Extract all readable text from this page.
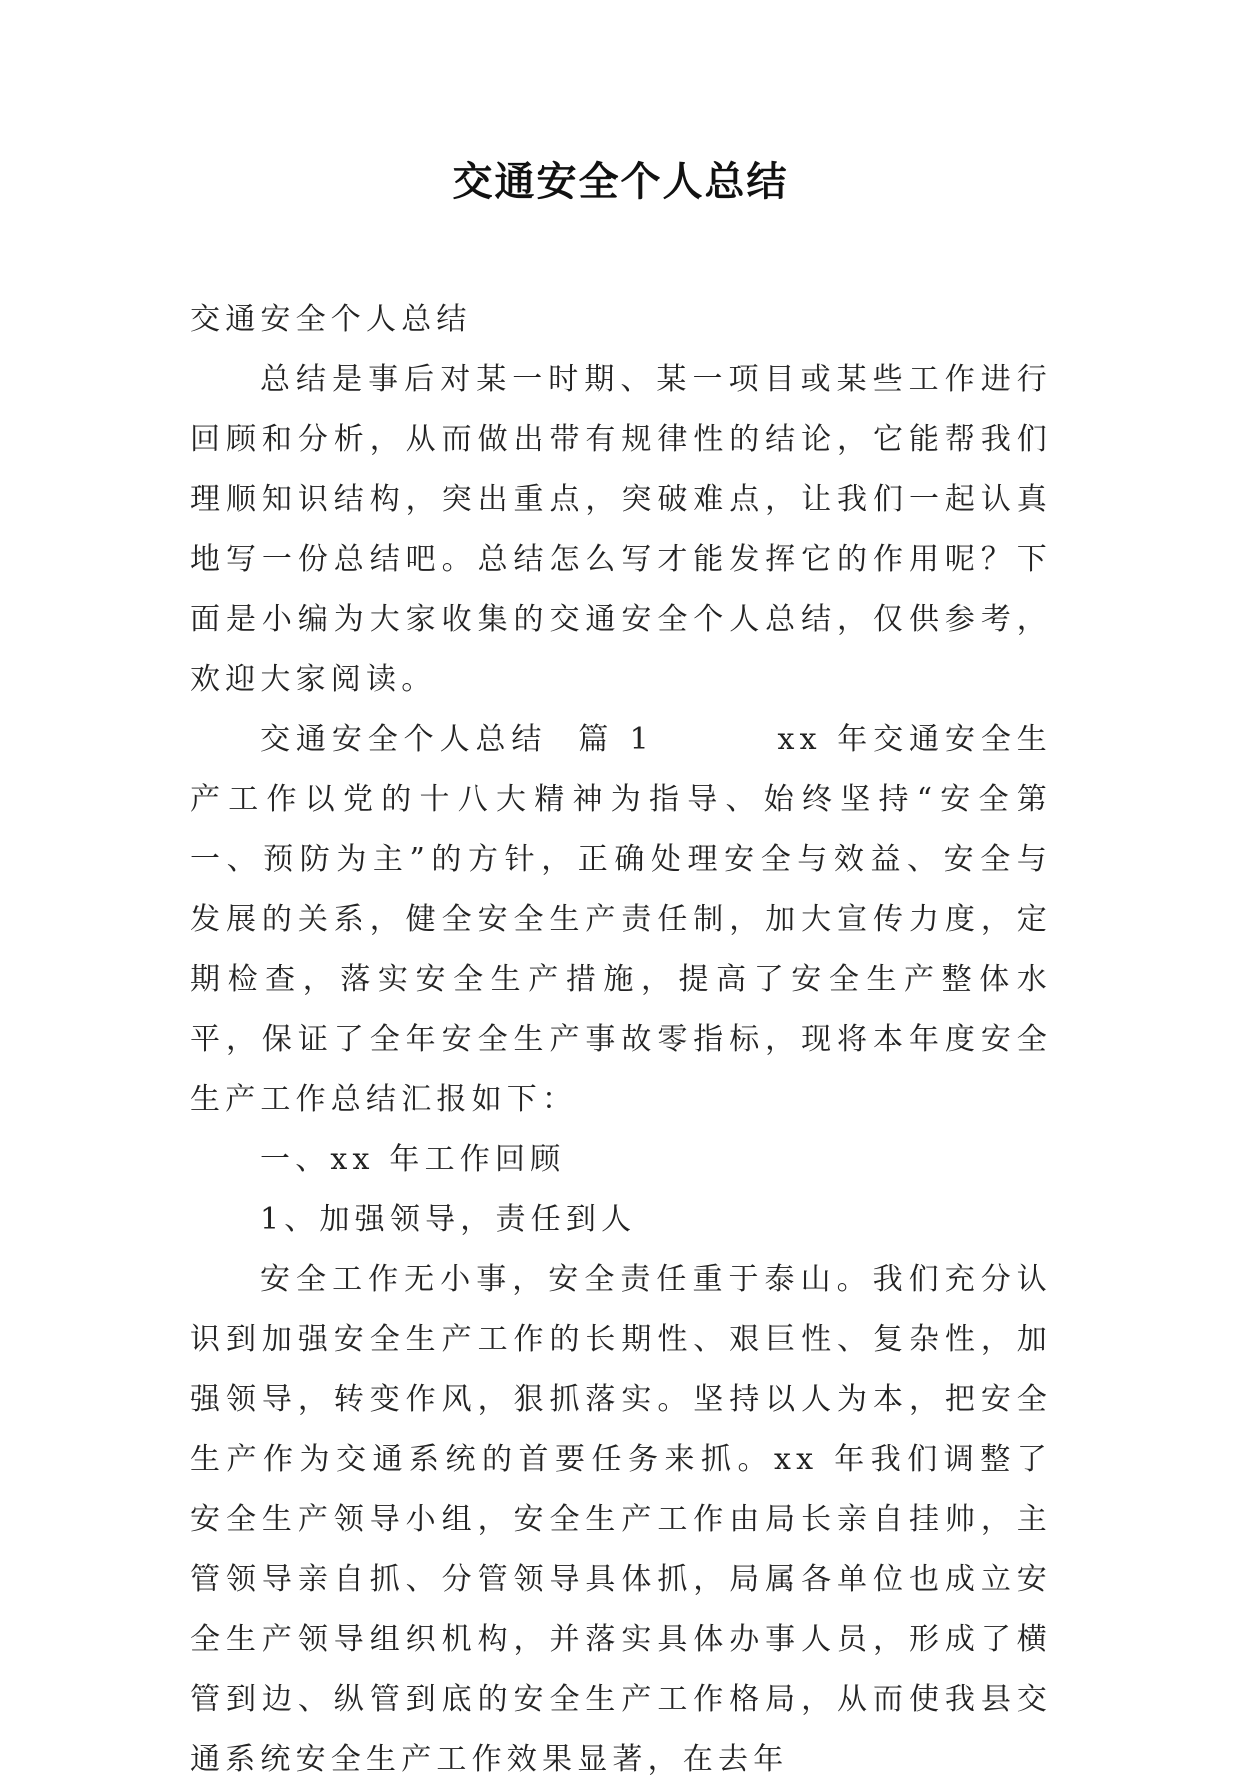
交通安全个人总结

交通安全个人总结

总结是事后对某一时期、某一项目或某些工作进行回顾和分析，从而做出带有规律性的结论，它能帮我们理顺知识结构，突出重点，突破难点，让我们一起认真地写一份总结吧。总结怎么写才能发挥它的作用呢？下面是小编为大家收集的交通安全个人总结，仅供参考，欢迎大家阅读。

交通安全个人总结  篇 1        xx 年交通安全生产工作以党的十八大精神为指导、始终坚持“安全第一、预防为主”的方针，正确处理安全与效益、安全与发展的关系，健全安全生产责任制，加大宣传力度，定期检查，落实安全生产措施，提高了安全生产整体水平，保证了全年安全生产事故零指标，现将本年度安全生产工作总结汇报如下：

一、xx 年工作回顾

1、加强领导，责任到人

安全工作无小事，安全责任重于泰山。我们充分认识到加强安全生产工作的长期性、艰巨性、复杂性，加强领导，转变作风，狠抓落实。坚持以人为本，把安全生产作为交通系统的首要任务来抓。xx 年我们调整了安全生产领导小组，安全生产工作由局长亲自挂帅，主管领导亲自抓、分管领导具体抓，局属各单位也成立安全生产领导组织机构，并落实具体办事人员，形成了横管到边、纵管到底的安全生产工作格局，从而使我县交通系统安全生产工作效果显著，在去年
